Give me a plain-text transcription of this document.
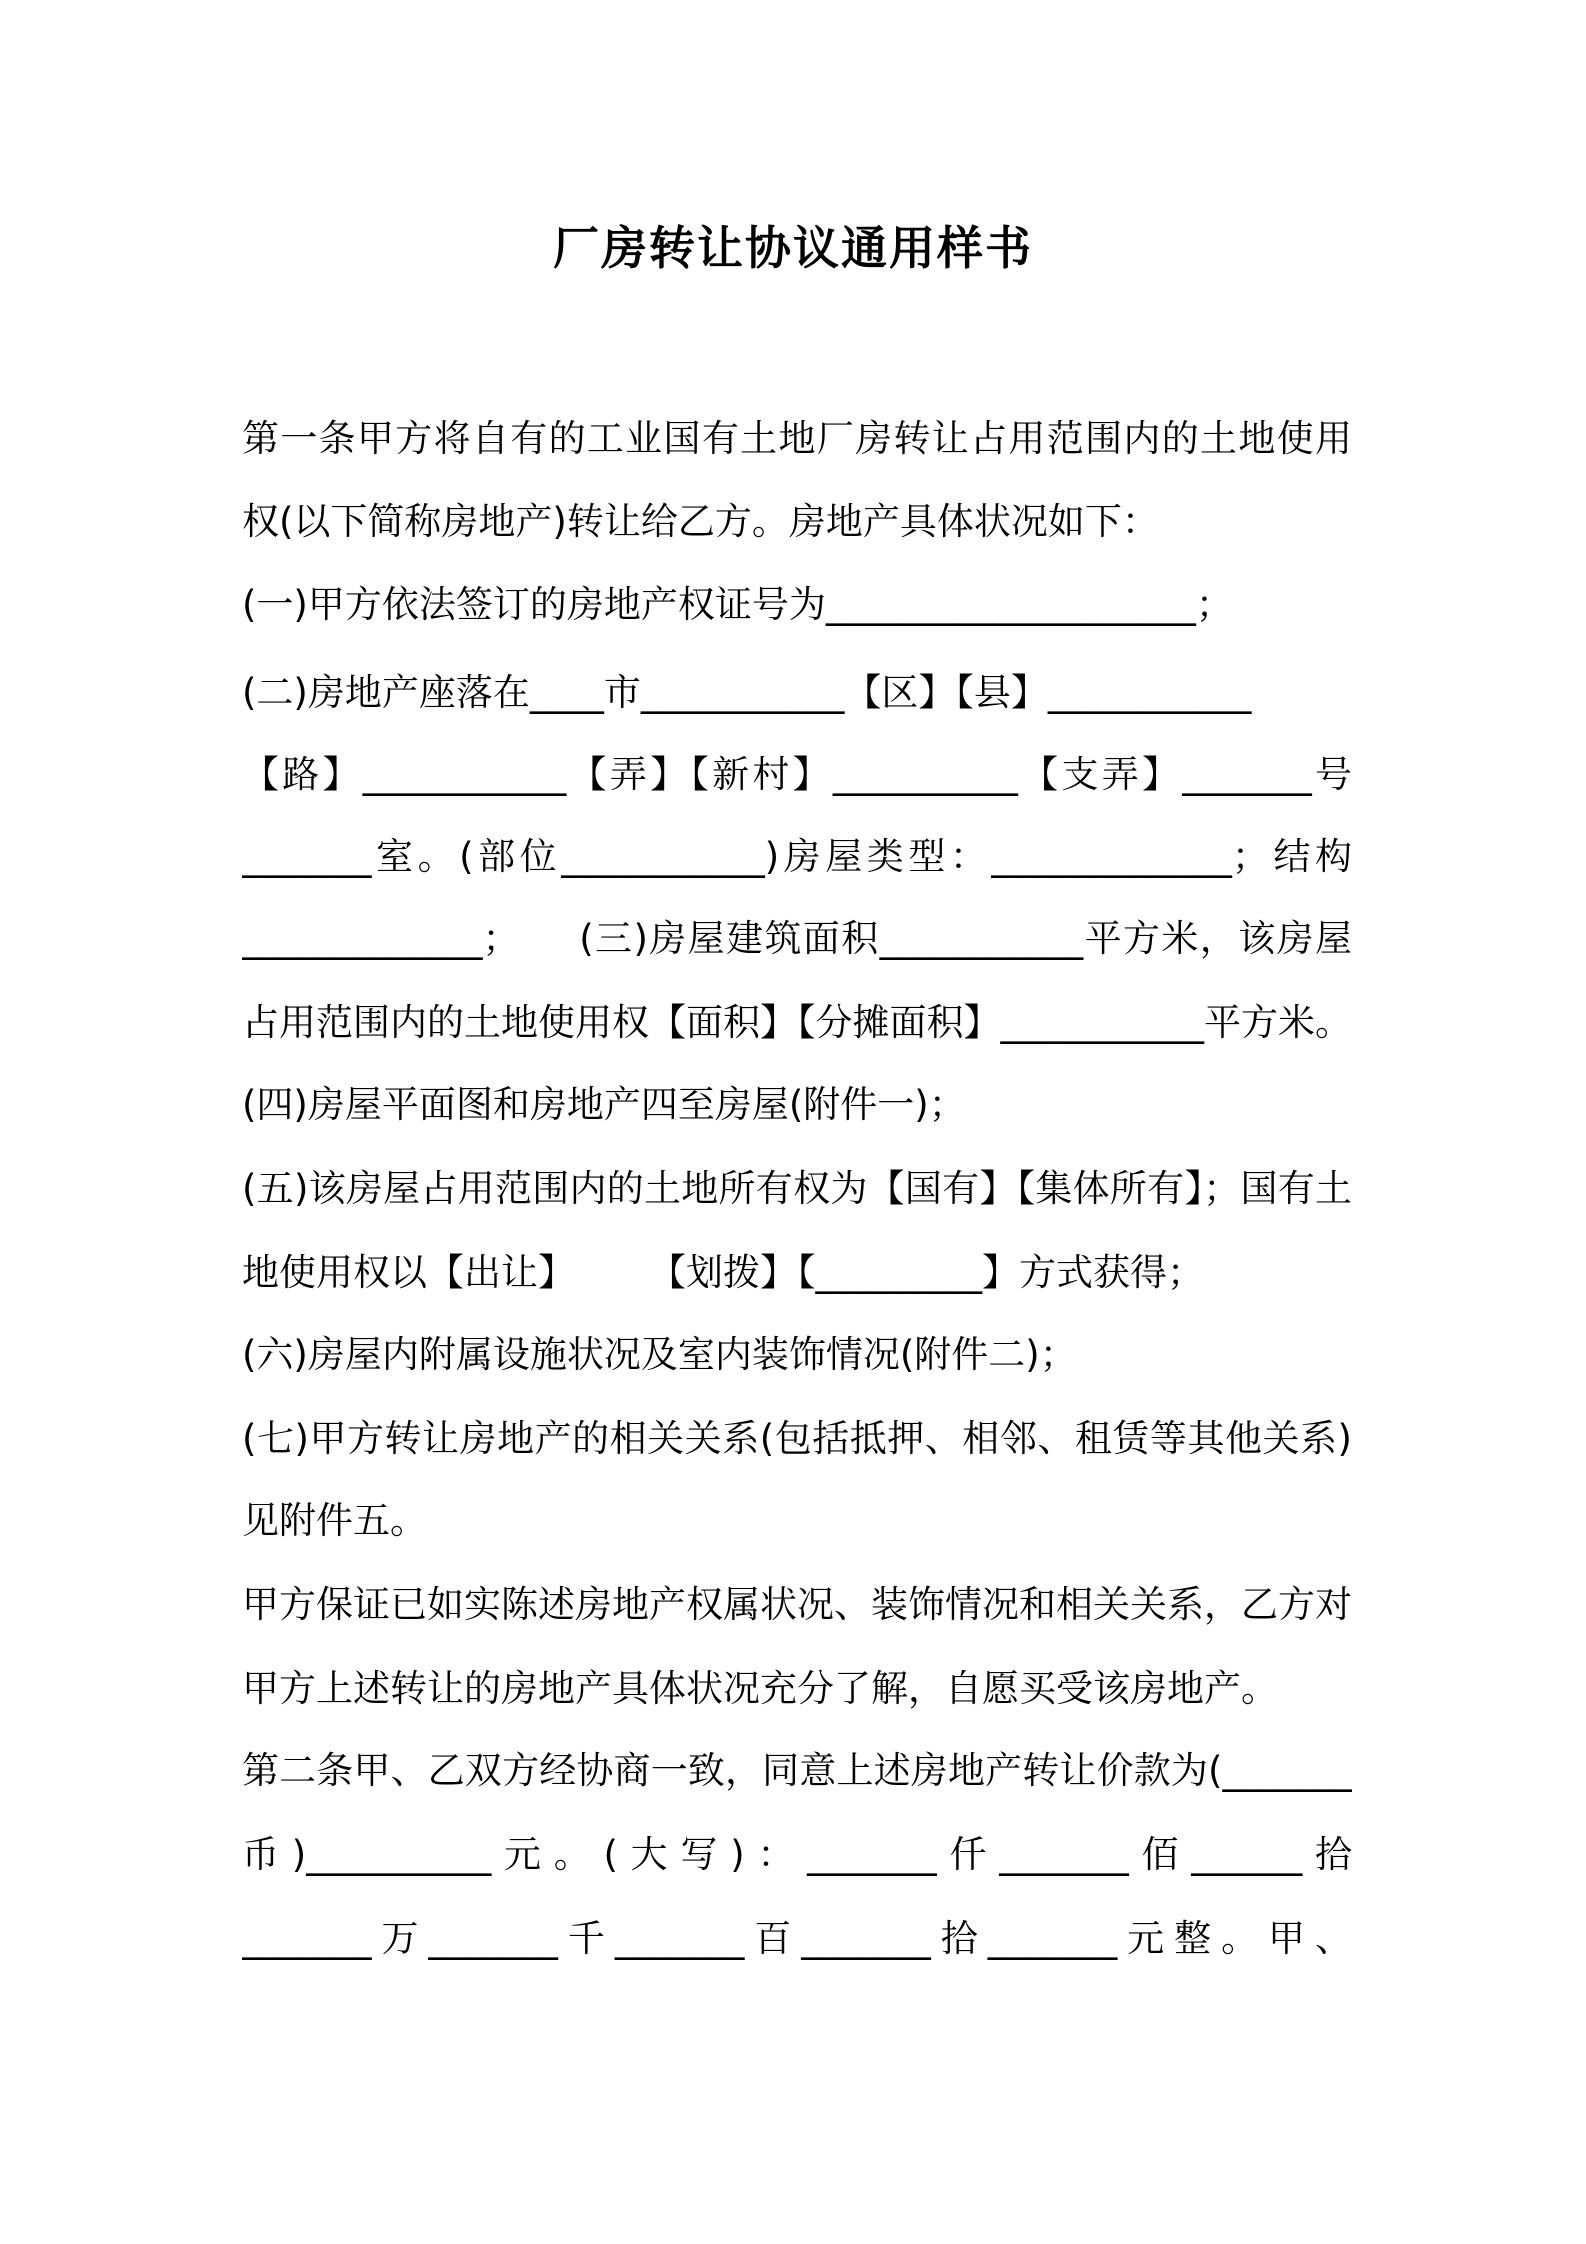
厂房转让协议通用样书
第一条甲方将自有的工业国有土地厂房转让占用范围内的土地使用
权(以下简称房地产)转让给乙方。房地产具体状况如下：
(一)甲方依法签订的房地产权证号为____________________；
(二)房地产座落在____市___________【区】【县】___________
【路】___________【弄】【新村】__________【支弄】_______号
_______室。(部位___________)房屋类型：_____________；结构
_____________；　　(三)房屋建筑面积___________平方米，该房屋
占用范围内的土地使用权【面积】【分摊面积】___________平方米。
(四)房屋平面图和房地产四至房屋(附件一)；
(五)该房屋占用范围内的土地所有权为【国有】【集体所有】；国有土
地使用权以【出让】　　　【划拨】【_________】方式获得；
(六)房屋内附属设施状况及室内装饰情况(附件二)；
(七)甲方转让房地产的相关关系(包括抵押、相邻、租赁等其他关系)
见附件五。
甲方保证已如实陈述房地产权属状况、装饰情况和相关关系，乙方对
甲方上述转让的房地产具体状况充分了解，自愿买受该房地产。
第二条甲、乙双方经协商一致，同意上述房地产转让价款为(_______
币)__________元。(大写)：_______仟_______佰______拾
_______万_______千_______百_______拾_______元整。甲、
